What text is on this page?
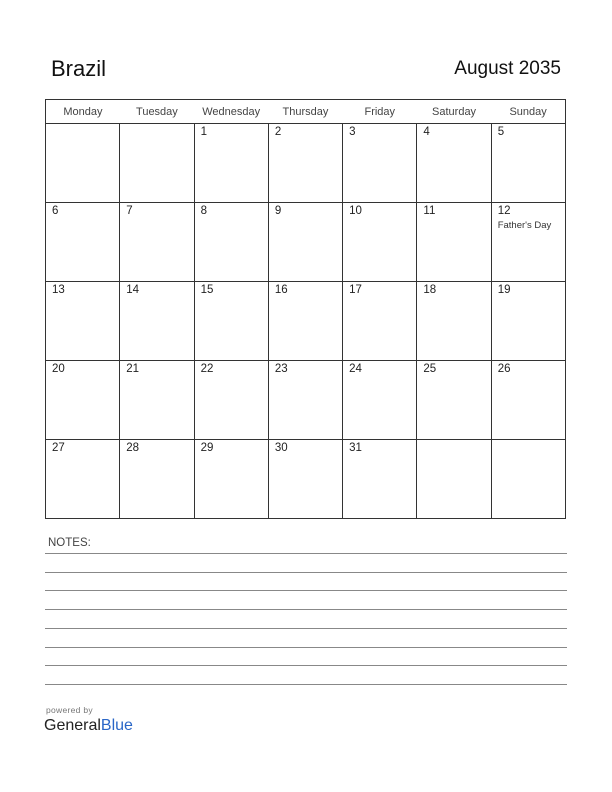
Brazil	August 2035
Monday	Tuesday	Wednesday	Thursday	Friday	Saturday	Sunday

		1	2	3	4	5

6	7	8	9	10	11	12
Father's Day

13	14	15	16	17	18	19

20	21	22	23	24	25	26

27	28	29	30	31		

NOTES:
powered by
GeneralBlue
